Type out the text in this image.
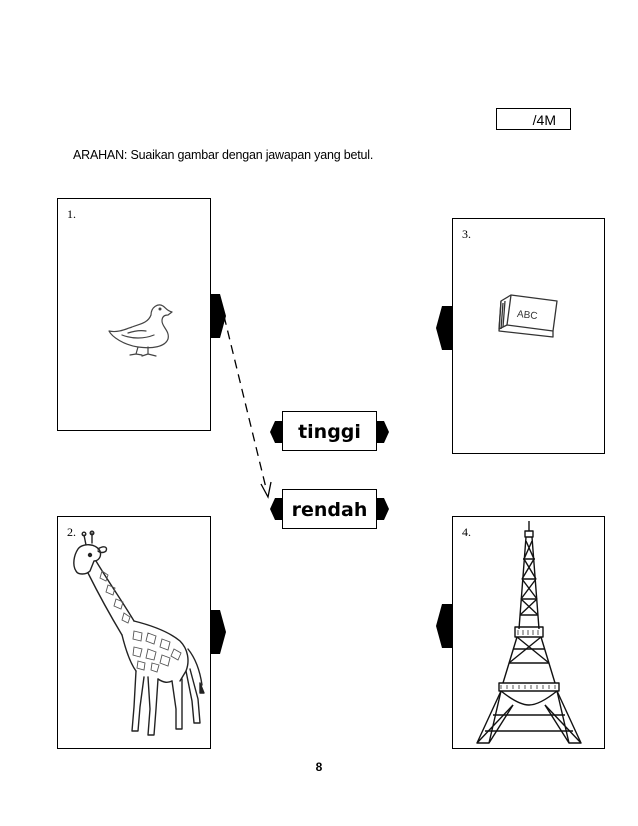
/4M
ARAHAN: Suaikan gambar dengan jawapan yang betul.
1.
2.
3.
ABC
4.
tinggi
rendah
8
